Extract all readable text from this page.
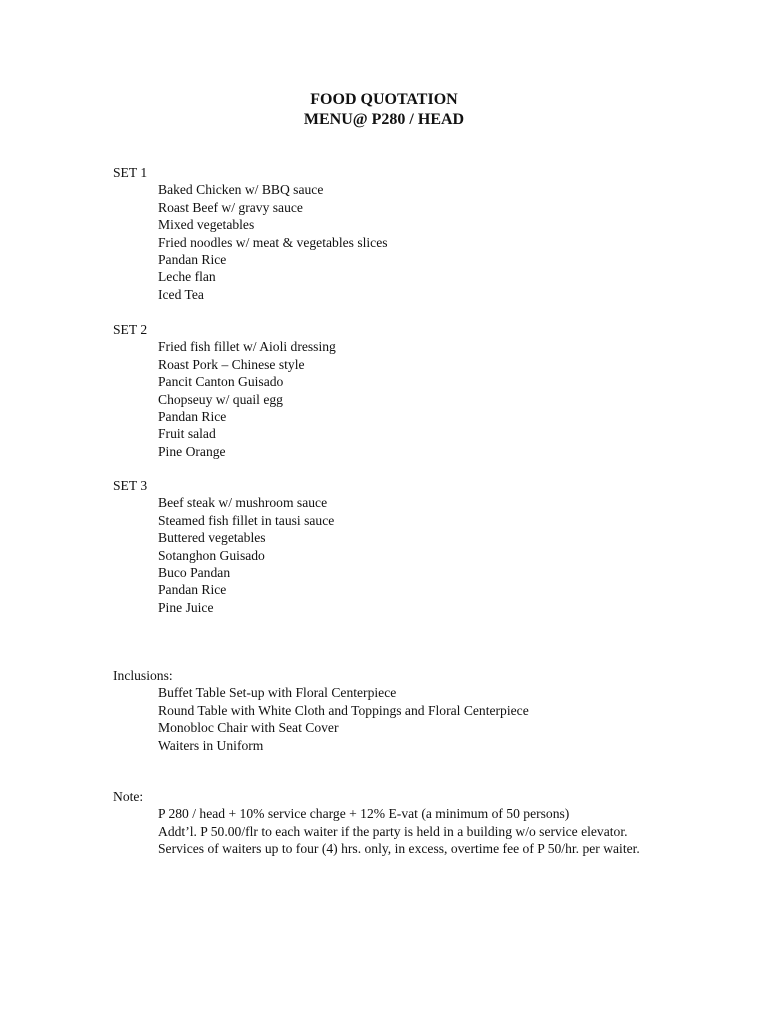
FOOD QUOTATION
MENU@ P280 / HEAD
SET 1
Baked Chicken w/ BBQ sauce
Roast Beef w/ gravy sauce
Mixed vegetables
Fried noodles w/ meat & vegetables slices
Pandan Rice
Leche flan
Iced Tea
SET 2
Fried fish fillet w/ Aioli dressing
Roast Pork – Chinese style
Pancit Canton Guisado
Chopseuy w/ quail egg
Pandan Rice
Fruit salad
Pine Orange
SET 3
Beef steak w/ mushroom sauce
Steamed fish fillet in tausi sauce
Buttered vegetables
Sotanghon Guisado
Buco Pandan
Pandan Rice
Pine Juice
Inclusions:
Buffet Table Set-up with Floral Centerpiece
Round Table with White Cloth and Toppings and Floral Centerpiece
Monobloc Chair with Seat Cover
Waiters in Uniform
Note:

P 280 / head + 10% service charge + 12% E-vat (a minimum of 50 persons)

Addt’l. P 50.00/flr to each waiter if the party is held in a building w/o service elevator.

Services of waiters up to four (4) hrs. only, in excess, overtime fee of P 50/hr. per waiter.
